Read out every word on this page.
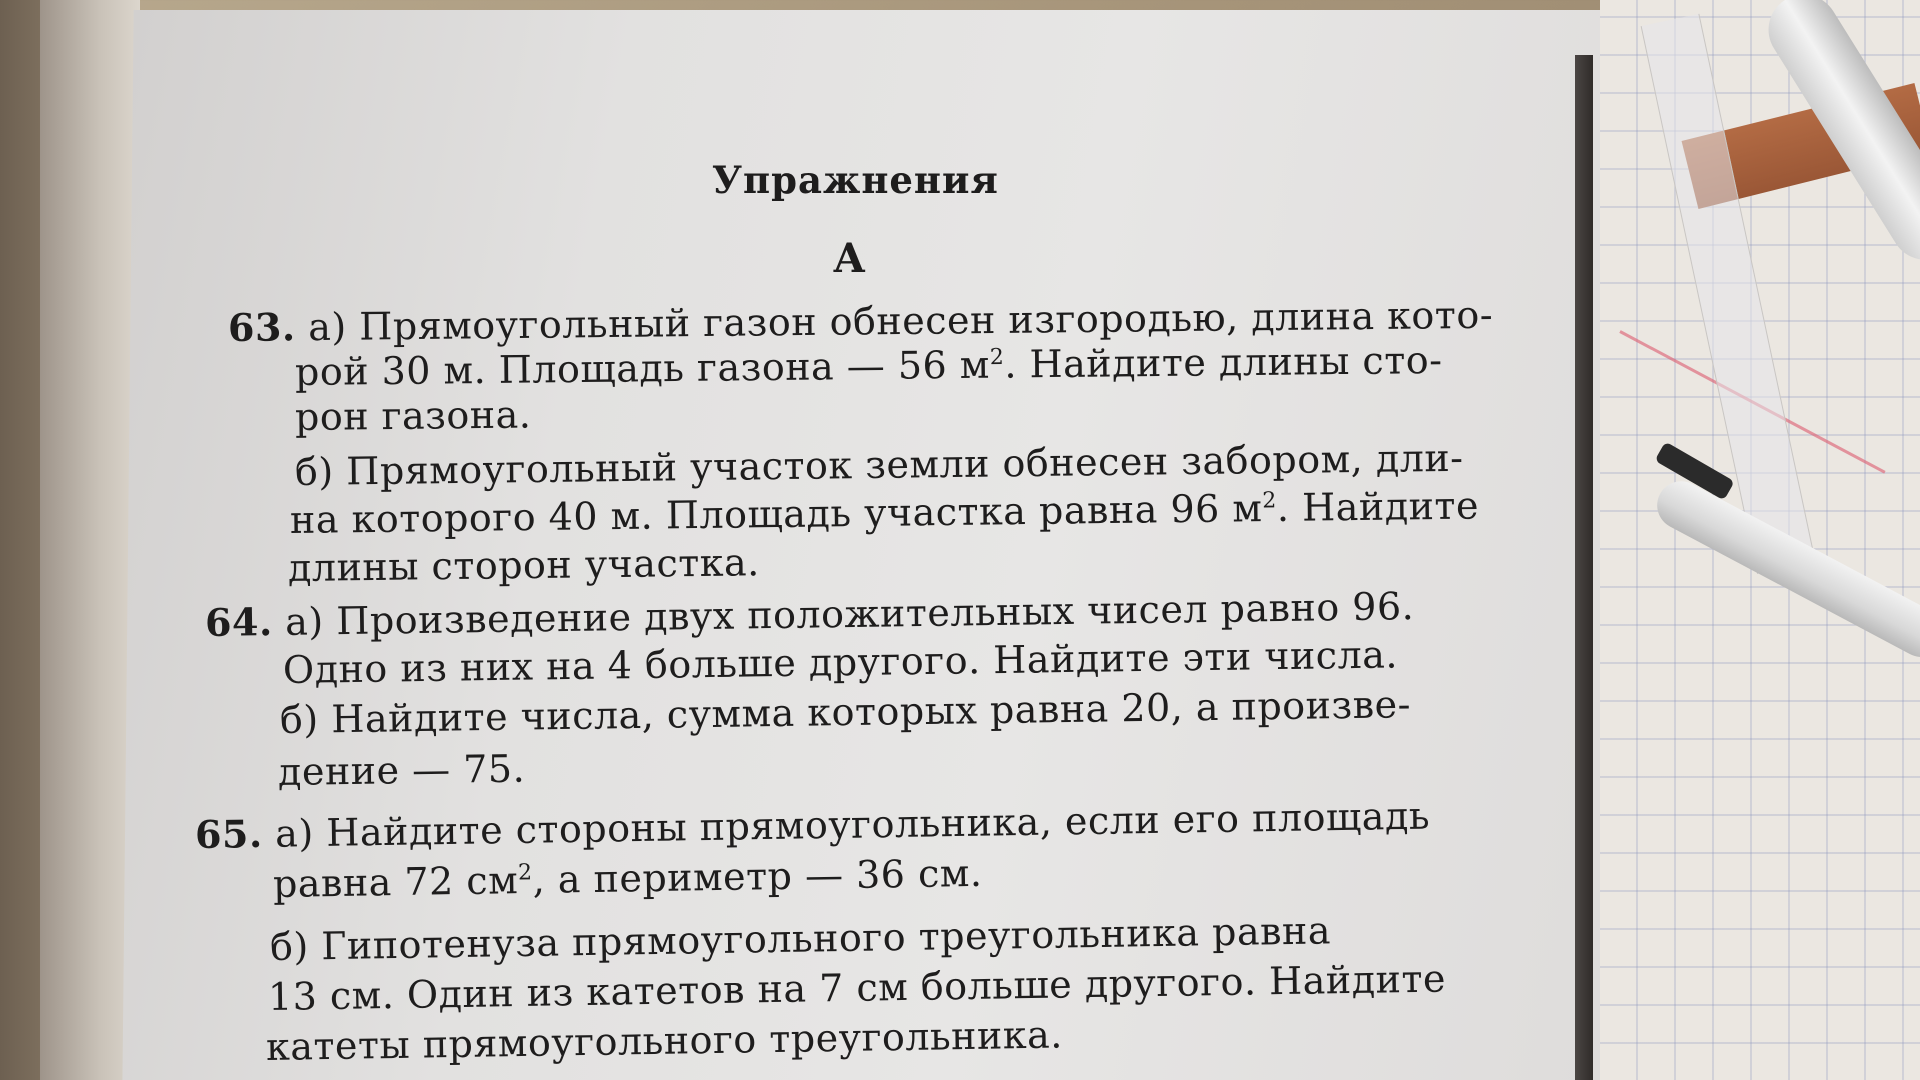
Упражнения
А
63. а) Прямоугольный газон обнесен изгородью, длина кото-
рой 30 м. Площадь газона — 56 $м^2$. Найдите длины сто-
рон газона.
б) Прямоугольный участок земли обнесен забором, дли-
на которого 40 м. Площадь участка равна 96 $м^2$. Найдите
длины сторон участка.
64. а) Произведение двух положительных чисел равно 96.
Одно из них на 4 больше другого. Найдите эти числа.
б) Найдите числа, сумма которых равна 20, а произве-
дение — 75.
65. а) Найдите стороны прямоугольника, если его площадь
равна 72 $см^2$, а периметр — 36 см.
б) Гипотенуза прямоугольного треугольника равна
13 см. Один из катетов на 7 см больше другого. Найдите
катеты прямоугольного треугольника.
